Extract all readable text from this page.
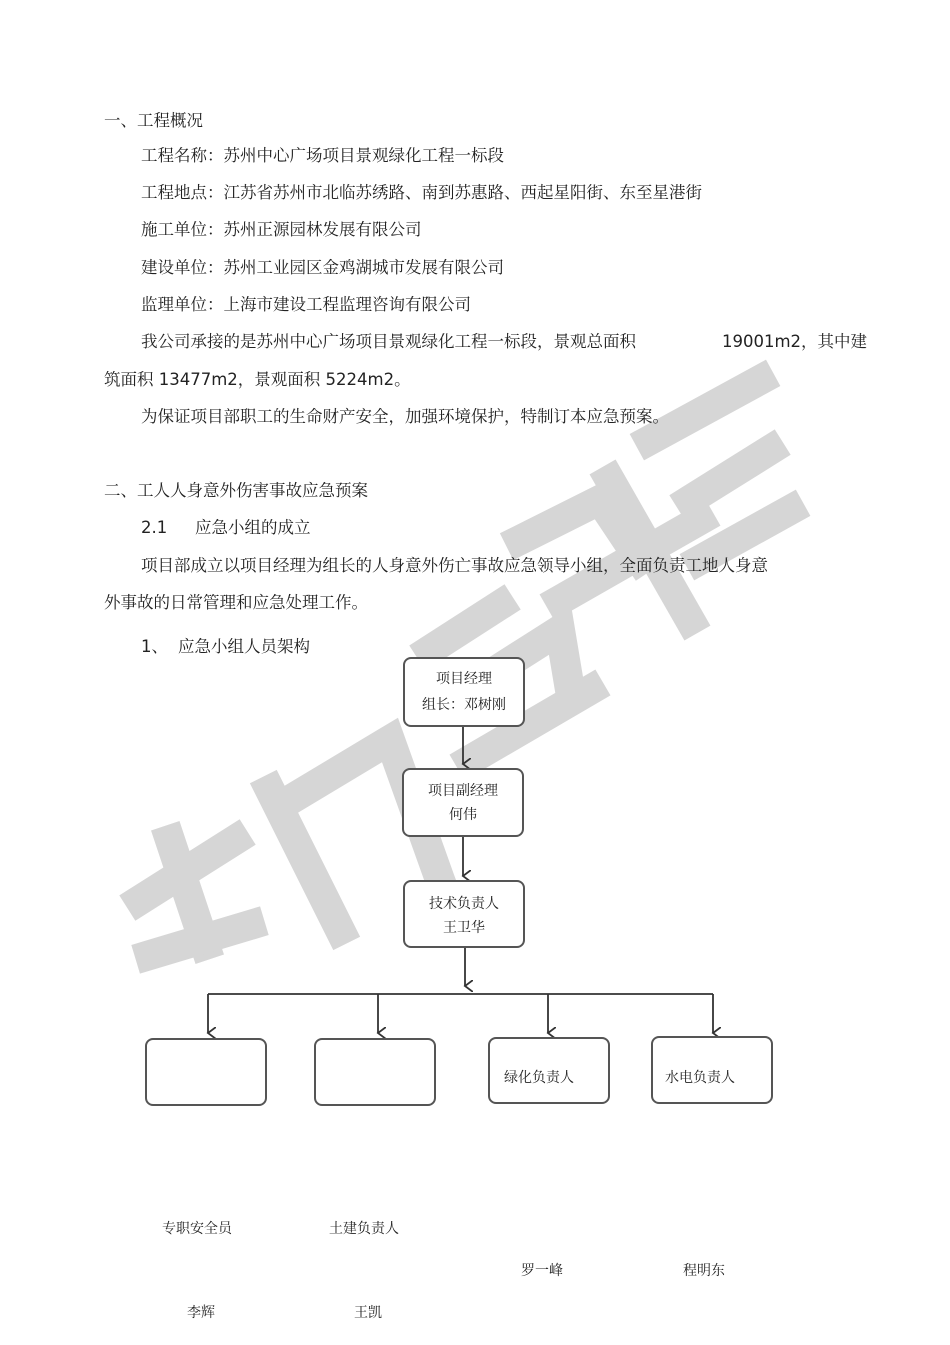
一、工程概况
工程名称：苏州中心广场项目景观绿化工程一标段
工程地点：江苏省苏州市北临苏绣路、南到苏惠路、西起星阳街、东至星港街
施工单位：苏州正源园林发展有限公司
建设单位：苏州工业园区金鸡湖城市发展有限公司
监理单位：上海市建设工程监理咨询有限公司
我公司承接的是苏州中心广场项目景观绿化工程一标段，景观总面积	19001m2，其中建
筑面积 13477m2，景观面积 5224m2。
为保证项目部职工的生命财产安全，加强环境保护，特制订本应急预案。
二、工人人身意外伤害事故应急预案
2.1 应急小组的成立
项目部成立以项目经理为组长的人身意外伤亡事故应急领导小组，全面负责工地人身意
外事故的日常管理和应急处理工作。
1、 应急小组人员架构
项目经理
组长：邓树刚
项目副经理
何伟
技术负责人
王卫华
绿化负责人	水电负责人
专职安全员	土建负责人
罗一峰	程明东
李辉	王凯
